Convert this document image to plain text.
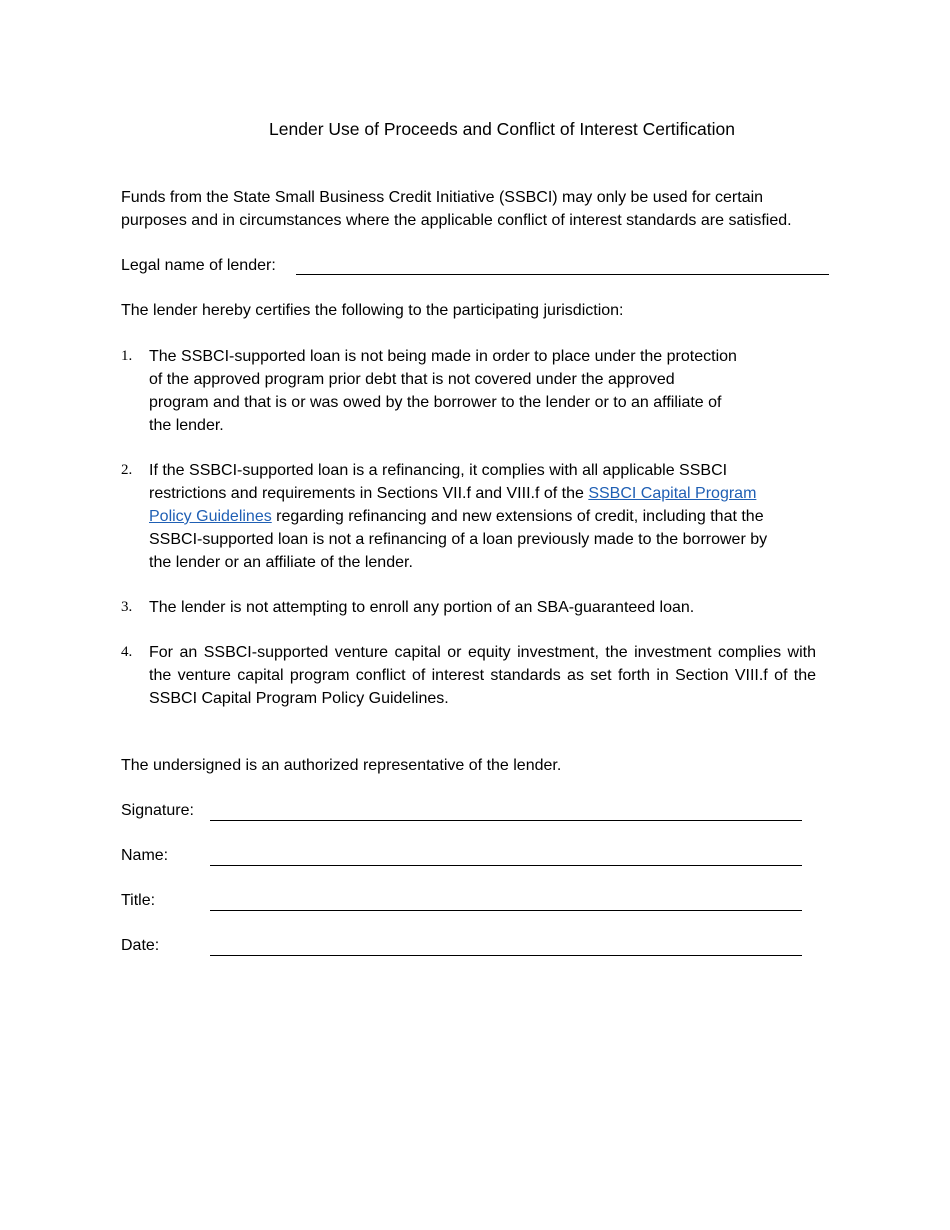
Lender Use of Proceeds and Conflict of Interest Certification
Funds from the State Small Business Credit Initiative (SSBCI) may only be used for certain
purposes and in circumstances where the applicable conflict of interest standards are satisfied.
Legal name of lender:
The lender hereby certifies the following to the participating jurisdiction:
1. The SSBCI-supported loan is not being made in order to place under the protection
of the approved program prior debt that is not covered under the approved
program and that is or was owed by the borrower to the lender or to an affiliate of
the lender.
2. If the SSBCI-supported loan is a refinancing, it complies with all applicable SSBCI
restrictions and requirements in Sections VII.f and VIII.f of the SSBCI Capital Program
Policy Guidelines regarding refinancing and new extensions of credit, including that the
SSBCI-supported loan is not a refinancing of a loan previously made to the borrower by
the lender or an affiliate of the lender.
3. The lender is not attempting to enroll any portion of an SBA-guaranteed loan.
4. For an SSBCI-supported venture capital or equity investment, the investment complies with the venture capital program conflict of interest standards as set forth in Section VIII.f of the SSBCI Capital Program Policy Guidelines.
The undersigned is an authorized representative of the lender.
Signature:
Name:
Title:
Date:
